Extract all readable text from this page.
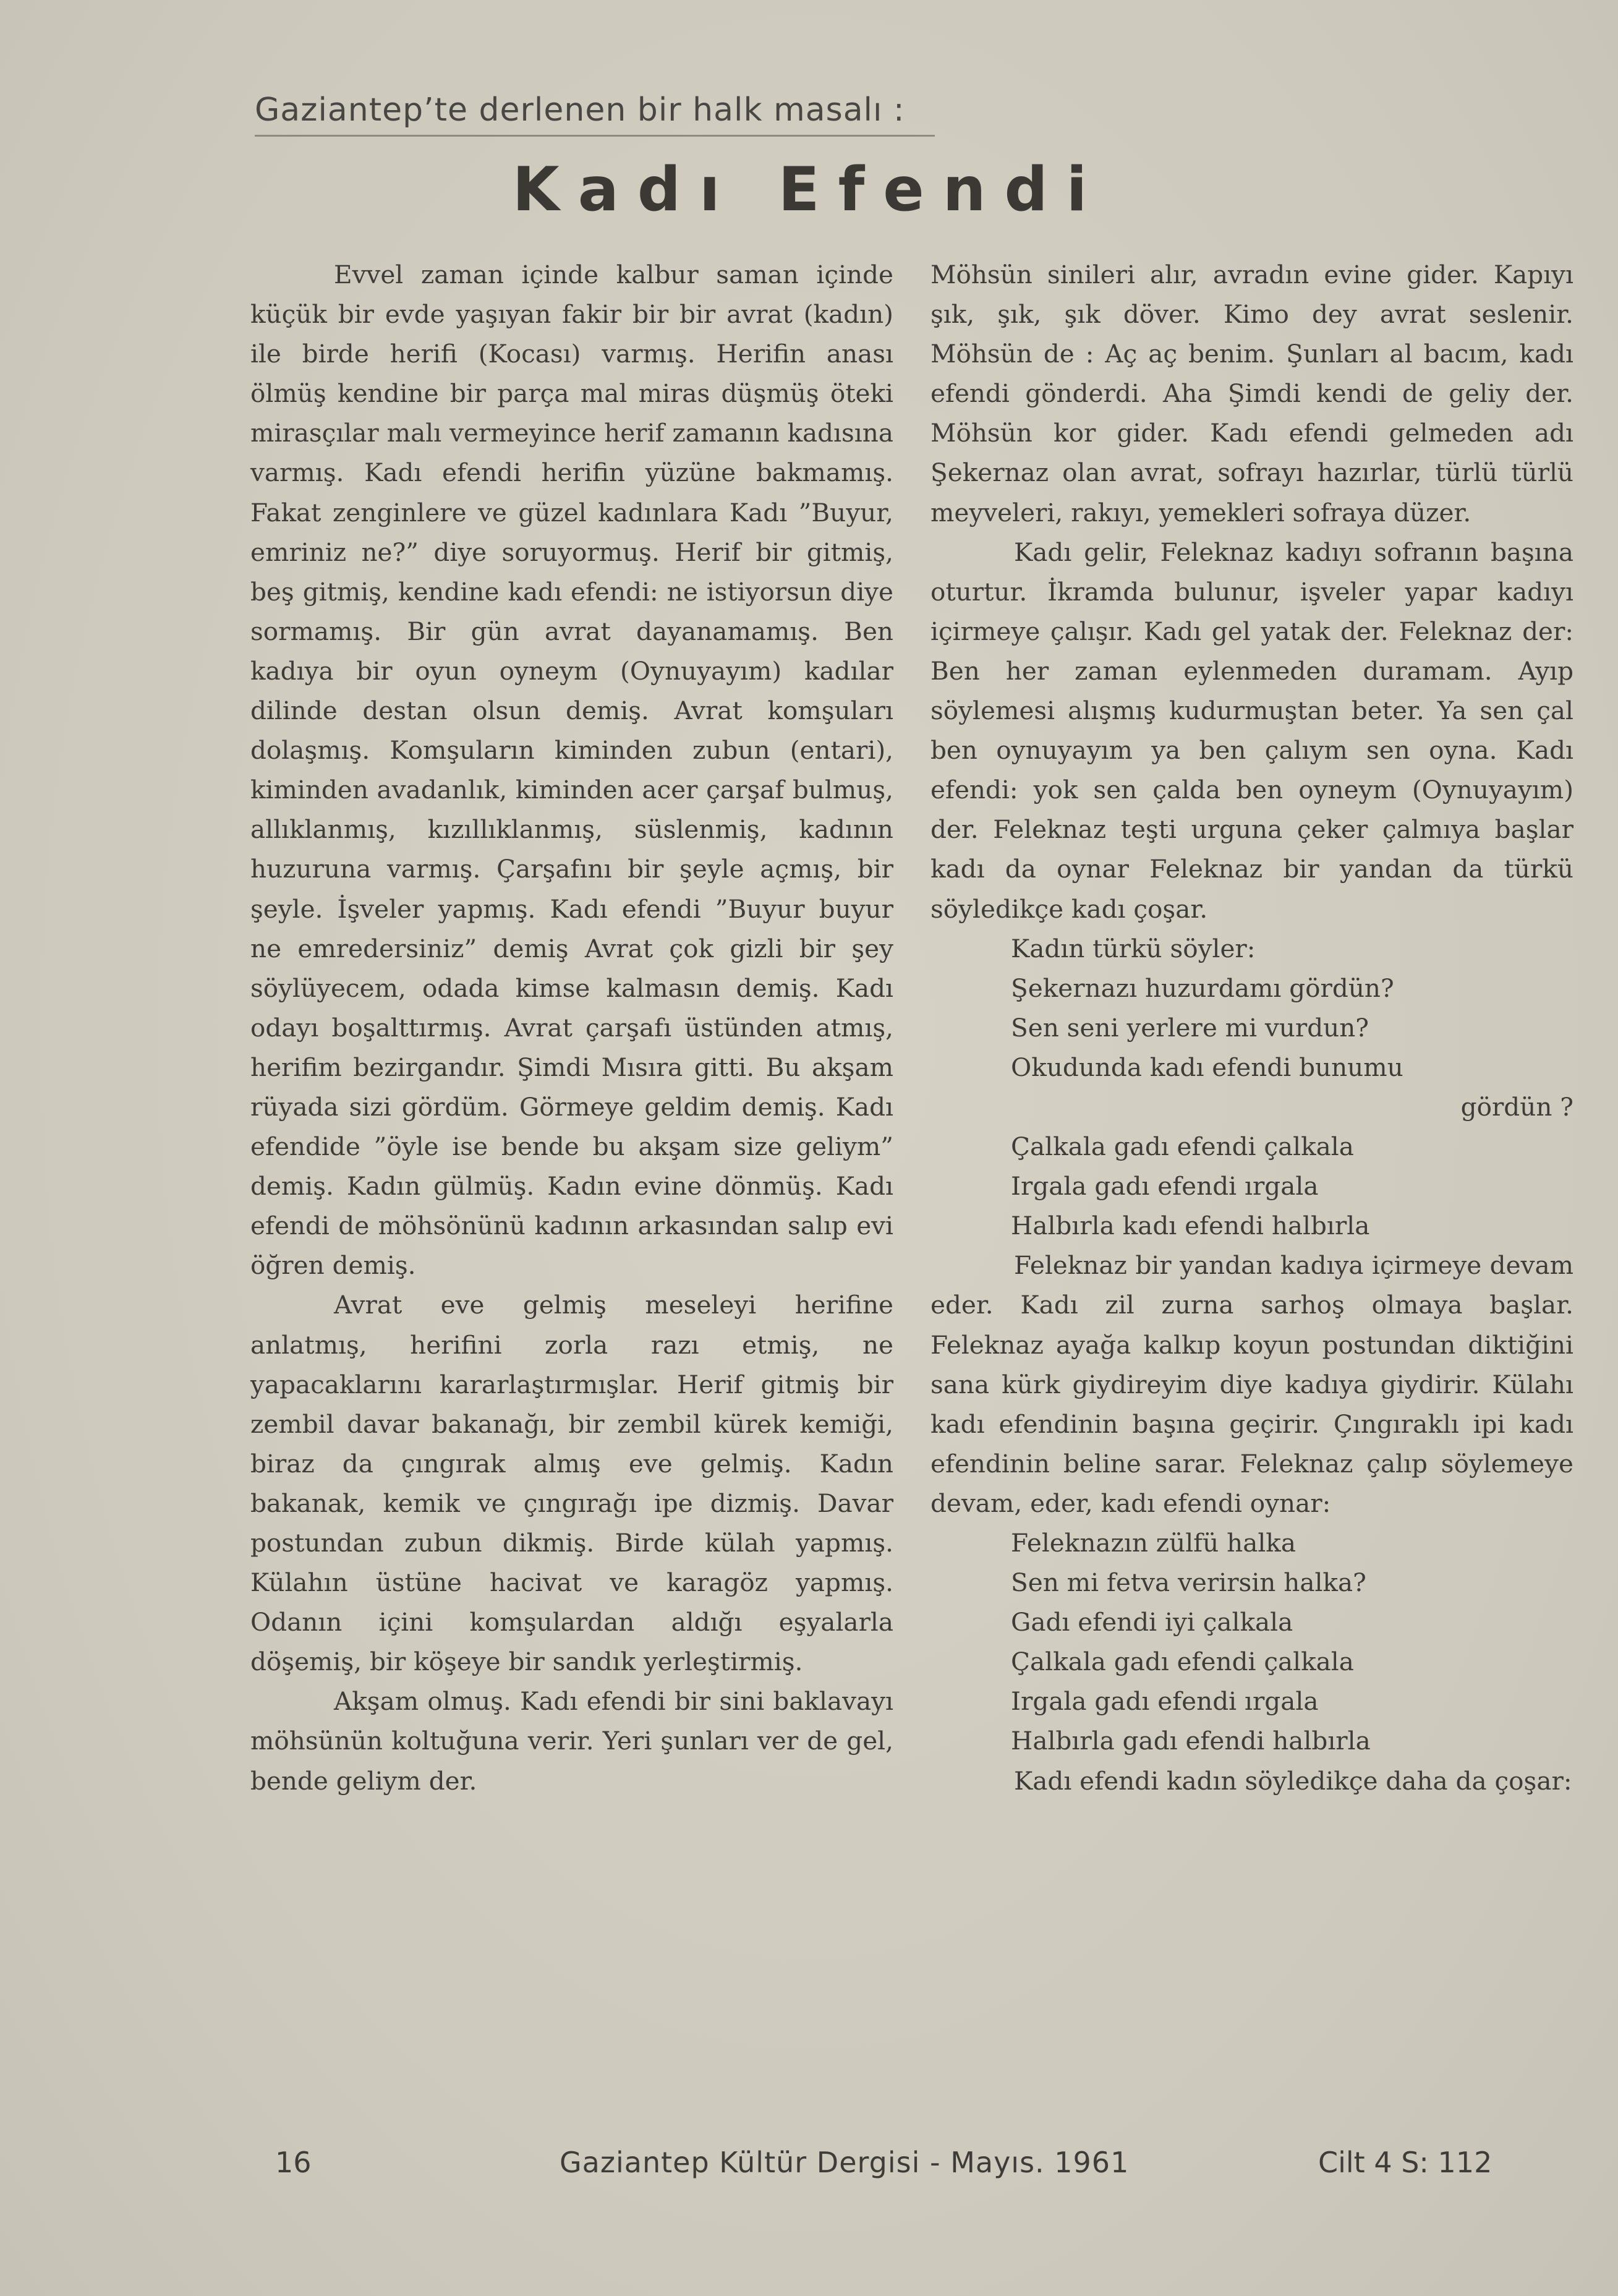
Gaziantep’te derlenen bir halk masalı :
Kadı Efendi

Evvel zaman içinde kalbur saman içinde küçük bir evde yaşıyan fakir bir bir avrat (kadın) ile birde herifi (Kocası) varmış. Herifin anası ölmüş kendine bir parça mal miras düşmüş öteki mirasçılar malı vermeyince herif zamanın kadısına varmış. Kadı efendi herifin yüzüne bakmamış. Fakat zenginlere ve güzel kadınlara Kadı ”Buyur, emriniz ne?” diye soruyormuş. Herif bir gitmiş, beş gitmiş, kendine kadı efendi: ne istiyorsun diye sormamış. Bir gün avrat dayanamamış. Ben kadıya bir oyun oyneym (Oynuyayım) kadılar dilinde destan olsun demiş. Avrat komşuları dolaşmış. Komşuların kiminden zubun (entari), kiminden avadanlık, kiminden acer çarşaf bulmuş, allıklanmış, kızıllıklanmış, süslenmiş, kadının huzuruna varmış. Çarşafını bir şeyle açmış, bir şeyle. İşveler yapmış. Kadı efendi ”Buyur buyur ne emredersiniz” demiş Avrat çok gizli bir şey söylüyecem, odada kimse kalmasın demiş. Kadı odayı boşalttırmış. Avrat çarşafı üstünden atmış, herifim bezirgandır. Şimdi Mısıra gitti. Bu akşam rüyada sizi gördüm. Görmeye geldim demiş. Kadı efendide ”öyle ise bende bu akşam size geliym” demiş. Kadın gülmüş. Kadın evine dönmüş. Kadı efendi de möhsönünü kadının arkasından salıp evi öğren demiş.

Avrat eve gelmiş meseleyi herifine anlatmış, herifini zorla razı etmiş, ne yapacaklarını kararlaştırmışlar. Herif gitmiş bir zembil davar bakanağı, bir zembil kürek kemiği, biraz da çıngırak almış eve gelmiş. Kadın bakanak, kemik ve çıngırağı ipe dizmiş. Davar postundan zubun dikmiş. Birde külah yapmış. Külahın üstüne hacivat ve karagöz yapmış. Odanın içini komşulardan aldığı eşyalarla döşemiş, bir köşeye bir sandık yerleştirmiş.

Akşam olmuş. Kadı efendi bir sini baklavayı möhsünün koltuğuna verir. Yeri şunları ver de gel, bende geliym der.

Möhsün sinileri alır, avradın evine gider. Kapıyı şık, şık, şık döver. Kimo dey avrat seslenir. Möhsün de : Aç aç benim. Şunları al bacım, kadı efendi gönderdi. Aha Şimdi kendi de geliy der. Möhsün kor gider. Kadı efendi gelmeden adı Şekernaz olan avrat, sofrayı hazırlar, türlü türlü meyveleri, rakıyı, yemekleri sofraya düzer.

Kadı gelir, Feleknaz kadıyı sofranın başına oturtur. İkramda bulunur, işveler yapar kadıyı içirmeye çalışır. Kadı gel yatak der. Feleknaz der: Ben her zaman eylenmeden duramam. Ayıp söylemesi alışmış kudurmuştan beter. Ya sen çal ben oynuyayım ya ben çalıym sen oyna. Kadı efendi: yok sen çalda ben oyneym (Oynuyayım) der. Feleknaz teşti urguna çeker çalmıya başlar kadı da oynar Feleknaz bir yandan da türkü söyledikçe kadı çoşar.

Kadın türkü söyler:
Şekernazı huzurdamı gördün?
Sen seni yerlere mi vurdun?
Okudunda kadı efendi bunumu
gördün ?
Çalkala gadı efendi çalkala
Irgala gadı efendi ırgala
Halbırla kadı efendi halbırla

Feleknaz bir yandan kadıya içirmeye devam eder. Kadı zil zurna sarhoş olmaya başlar. Feleknaz ayağa kalkıp koyun postundan diktiğini sana kürk giydireyim diye kadıya giydirir. Külahı kadı efendinin başına geçirir. Çıngıraklı ipi kadı efendinin beline sarar. Feleknaz çalıp söylemeye devam, eder, kadı efendi oynar:

Feleknazın zülfü halka
Sen mi fetva verirsin halka?
Gadı efendi iyi çalkala
Çalkala gadı efendi çalkala
Irgala gadı efendi ırgala
Halbırla gadı efendi halbırla

Kadı efendi kadın söyledikçe daha da çoşar:

16	Gaziantep Kültür Dergisi - Mayıs. 1961	Cilt 4 S: 112
